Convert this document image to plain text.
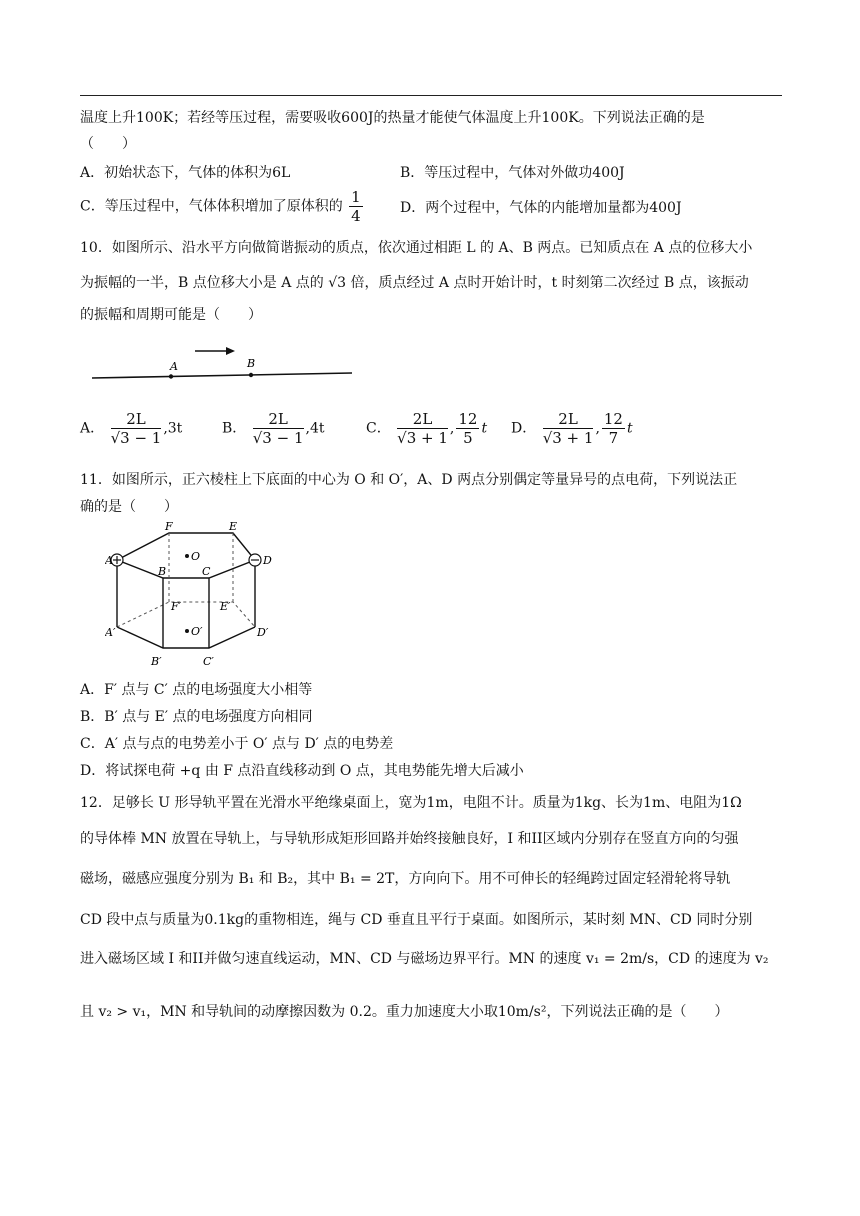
温度上升100K；若经等压过程，需要吸收600J的热量才能使气体温度上升100K。下列说法正确的是
（　　）
A．初始状态下，气体的体积为6L	B．等压过程中，气体对外做功400J
C．等压过程中，气体体积增加了原体积的 $\frac{1}{4}$	D．两个过程中，气体的内能增加量都为400J
10．如图所示、沿水平方向做简谐振动的质点，依次通过相距 L 的 A、B 两点。已知质点在 A 点的位移大小
为振幅的一半，B 点位移大小是 A 点的 √3 倍，质点经过 A 点时开始计时，t 时刻第二次经过 B 点，该振动
的振幅和周期可能是（　　）
A	B
A． $\frac{2L}{√3 - 1} ,3t$	B． $\frac{2L}{√3 - 1} ,4t$	C． $\frac{2L}{√3 + 1}$ , $\frac{12}{5}$ t D． $\frac{2L}{√3 + 1}$ , $\frac{12}{7}$ t
11．如图所示，正六棱柱上下底面的中心为 O 和 O′，A、D 两点分别偶定等量异号的点电荷，下列说法正
确的是（　　）
F	E
A	D
B	C
O
F′	E′
A′	D′
O′
B′	C′
A．F′ 点与 C′ 点的电场强度大小相等
B．B′ 点与 E′ 点的电场强度方向相同
C．A′ 点与点的电势差小于 O′ 点与 D′ 点的电势差
D．将试探电荷 +q 由 F 点沿直线移动到 O 点，其电势能先增大后减小
12．足够长 U 形导轨平置在光滑水平绝缘桌面上，宽为1m，电阻不计。质量为1kg、长为1m、电阻为1Ω
的导体棒 MN 放置在导轨上，与导轨形成矩形回路并始终接触良好，I 和II区域内分别存在竖直方向的匀强
磁场，磁感应强度分别为 B₁ 和 B₂，其中 B₁ = 2T，方向向下。用不可伸长的轻绳跨过固定轻滑轮将导轨
CD 段中点与质量为0.1kg的重物相连，绳与 CD 垂直且平行于桌面。如图所示，某时刻 MN、CD 同时分别
进入磁场区域 I 和II并做匀速直线运动，MN、CD 与磁场边界平行。MN 的速度 v₁ = 2m/s，CD 的速度为 v₂
且 v₂ > v₁，MN 和导轨间的动摩擦因数为 0.2。重力加速度大小取10m/s²，下列说法正确的是（　　）
